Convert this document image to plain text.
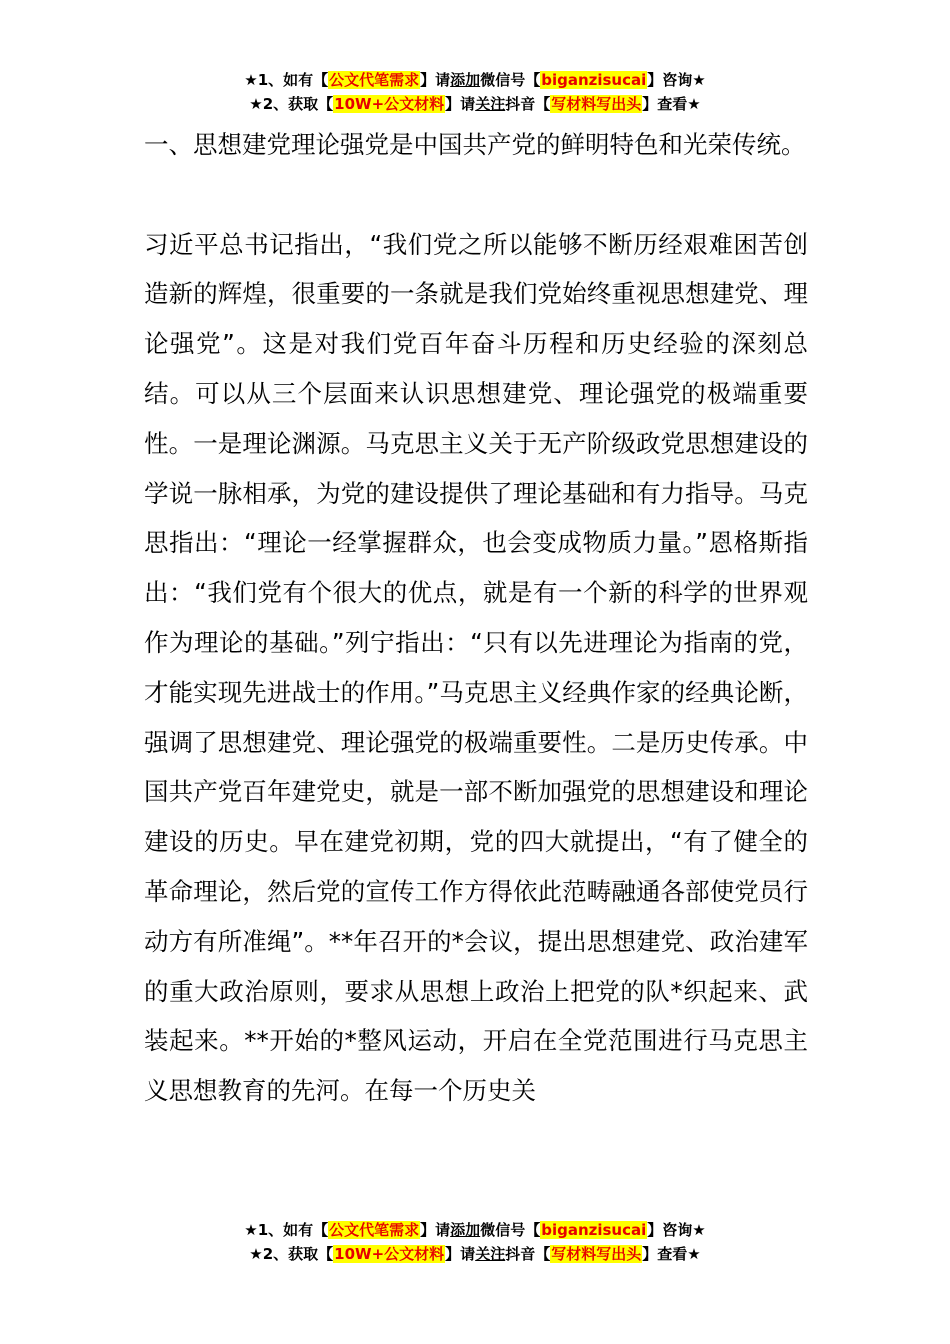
★1、如有【公文代笔需求】请添加微信号【biganzisucai】咨询★
★2、获取【10W+公文材料】请关注抖音【写材料写出头】查看★

一、思想建党理论强党是中国共产党的鲜明特色和光荣传统。

习近平总书记指出，“我们党之所以能够不断历经艰难困苦创造新的辉煌，很重要的一条就是我们党始终重视思想建党、理论强党”。这是对我们党百年奋斗历程和历史经验的深刻总结。可以从三个层面来认识思想建党、理论强党的极端重要性。一是理论渊源。马克思主义关于无产阶级政党思想建设的学说一脉相承，为党的建设提供了理论基础和有力指导。马克思指出：“理论一经掌握群众，也会变成物质力量。”恩格斯指出：“我们党有个很大的优点，就是有一个新的科学的世界观作为理论的基础。”列宁指出：“只有以先进理论为指南的党，才能实现先进战士的作用。”马克思主义经典作家的经典论断，强调了思想建党、理论强党的极端重要性。二是历史传承。中国共产党百年建党史，就是一部不断加强党的思想建设和理论建设的历史。早在建党初期，党的四大就提出，“有了健全的革命理论，然后党的宣传工作方得依此范畴融通各部使党员行动方有所准绳”。**年召开的*会议，提出思想建党、政治建军的重大政治原则，要求从思想上政治上把党的队*织起来、武装起来。**开始的*整风运动，开启在全党范围进行马克思主义思想教育的先河。在每一个历史关

★1、如有【公文代笔需求】请添加微信号【biganzisucai】咨询★
★2、获取【10W+公文材料】请关注抖音【写材料写出头】查看★
